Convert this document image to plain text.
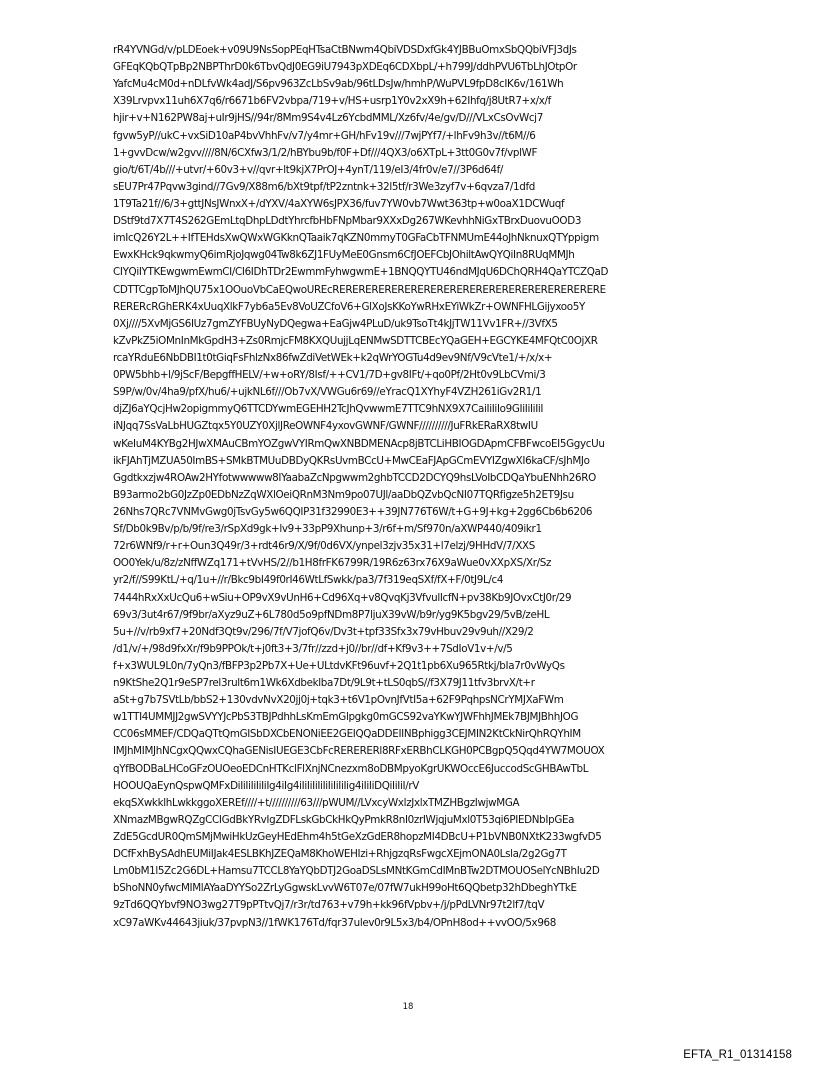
rR4YVNGd/v/pLDEoek+v09U9NsSopPEqHTsaCtBNwm4QbiVDSDxfGk4YJBBuOmxSbQQbiVFJ3dJs
GFEqKQbQTpBp2NBPThrD0k6TbvQdJ0EG9iU7943pXDEq6CDXbpL/+h799J/ddhPVU6TbLhJOtpOr
YafcMu4cM0d+nDLfvWk4adJ/S6pv963ZcLbSv9ab/96tLDsJw/hmhP/WuPVL9fpD8cIK6v/161Wh
X39Lrvpvx11uh6X7q6/r6671b6FV2vbpa/719+v/HS+usrp1Y0v2xX9h+62Ihfq/j8UtR7+x/x/f
hjir+v+N162PW8aj+uIr9jHS//94r/8Mm9S4v4Lz6YcbdMML/Xz6fv/4e/gv/D///VLxCsOvWcj7
fgvw5yP//ukC+vxSiD10aP4bvVhhFv/v7/y4mr+GH/hFv19v///7wjPYf7/+lhFv9h3v//t6M//6
1+gvvDcw/w2gvv////8N/6CXfw3/1/2/hBYbu9b/f0F+Df///4QX3/o6XTpL+3tt0G0v7f/vplWF
gio/t/6T/4b///+utvr/+60v3+v//qvr+lt9kjX7PrOJ+4ynT/119/eI3/4fr0v/e7//3P6d64f/
sEU7Pr47Pqvw3gind//7Gv9/X88m6/bXt9tpf/tP2zntnk+32l5tf/r3We3zyf7v+6qvza7/1dfd
1T9Ta21f//6/3+gttJNsJWnxX+/dYXV/4aXYW6sJPX36/fuv7YW0vb7Wwt363tp+w0oaX1DCWuqf
DStf9td7X7T4S262GEmLtqDhpLDdtYhrcfbHbFNpMbar9XXxDg267WKevhhNiGxTBrxDuovuOOD3
imIcQ26Y2L++IfTEHdsXwQWxWGKknQTaaik7qKZN0mmyT0GFaCbTFNMUmE44oJhNknuxQTYppigm
EwxKHck9qkwmyQ6imRjoJqwg04Tw8k6ZJ1FUyMeE0Gnsm6CfJOEFCbJOhiltAwQYQiIn8RUqMMJh
CIYQiIYTKEwgwmEwmCI/CI6IDhTDr2EwmmFyhwgwmE+1BNQQYTU46ndMJqU6DChQRH4QaYTCZQaD
CDTTCgpToMJhQU75x1OOuoVbCaEQwoUREcRERERERERERERERERERERERERERERERERERERERERE
RERERcRGhERK4xUuqXlkF7yb6a5Ev8VoUZCfoV6+GlXoJsKKoYwRHxEYiWkZr+OWNFHLGijyxoo5Y
0Xj////5XvMjGS6IUz7gmZYFBUyNyDQegwa+EaGjw4PLuD/uk9TsoTt4kJjTW11Vv1FR+//3VfX5
kZvPkZ5iOMnInMkGpdH3+Zs0RmjcFM8KXQUujjLqENMwSDTTCBEcYQaGEH+EGCYKE4MFQtC0OjXR
rcaYRduE6NbDBI1t0tGiqFsFhlzNx86fwZdiVetWEk+k2qWrYOGTu4d9ev9Nf/V9cVte1/+/x/x+
0PW5bhb+l/9jScF/BepgffHELV/+w+oRY/8Isf/++CV1/7D+gv8IFt/+qo0Pf/2Ht0v9LbCVmi/3
S9P/w/0v/4ha9/pfX/hu6/+ujkNL6f///Ob7vX/VWGu6r69//eYracQ1XYhyF4VZH261iGv2R1/1
djZJ6aYQcjHw2opigmmyQ6TTCDYwmEGEHH2TcJhQvwwmE7TTC9hNX9X7CaiIiIiIo9GIiIiIiIiI
iNJqq7SsVaLbHUGZtqx5Y0UZY0XjlJReOWNF4yxovGWNF/GWNF//////////JuFRkERaRX8twIU
wKeIuM4KYBg2HJwXMAuCBmYOZgwVYIRmQwXNBDMENAcp8jBTCLiHBIOGDApmCFBFwcoEI5GgycUu
ikFJAhTjMZUA50ImBS+SMkBTMUuDBDyQKRsUvmBCcU+MwCEaFJApGCmEVYIZgwXI6kaCF/sJhMJo
Ggdtkxzjw4ROAw2HYfotwwwww8IYaabaZcNpgwwm2ghbTCCD2DCYQ9hsLVoIbCDQaYbuENhh26RO
B93armo2bG0JzZp0EDbNzZqWXlOeiQRnM3Nm9po07UJl/aaDbQZvbQcNI07TQRfigze5h2ET9Jsu
26Nhs7QRc7VNMvGwg0jTsvGy5w6QQIP31f32990E3++39JN776T6W/t+G+9J+kg+2gg6Cb6b6206
Sf/Db0k9Bv/p/b/9f/re3/rSpXd9gk+lv9+33pP9Xhunp+3/r6f+m/Sf970n/aXWP440/409ikr1
72r6WNf9/r+r+Oun3Q49r/3+rdt46r9/X/9f/0d6VX/ynpel3zjv35x31+l7elzj/9HHdV/7/XXS
OO0Yek/u/8z/zNffWZq171+tVvHS/2//b1H8frFK6799R/19R6z63rx76X9aWue0vXXpXS/Xr/Sz
yr2/f//S99KtL/+q/1u+//r/Bkc9bI49f0rI46WtLfSwkk/pa3/7f319eqSXf/fX+F/0tJ9L/c4
7444hRxXxUcQu6+wSiu+OP9vX9vUnH6+Cd96Xq+v8QvqKj3VfvulIcfN+pv38Kb9JOvxCtJ0r/29
69v3/3ut4r67/9f9br/aXyz9uZ+6L780d5o9pfNDm8P7ljuX39vW/b9r/yg9K5bgv29/5vB/zeHL
5u+//v/rb9xf7+20Ndf3Qt9v/296/7f/V7jofQ6v/Dv3t+tpf33Sfx3x79vHbuv29v9uh//X29/2
/d1/v/+/98d9fxXr/f9b9PPOk/t+j0ft3+3/7fr//zzd+j0//br//df+Kf9v3++7SdIoV1v+/v/5
f+x3WUL9L0n/7yQn3/fBFP3p2Pb7X+Ue+ULtdvKFt96uvf+2Q1t1pb6Xu965Rtkj/bIa7r0vWyQs
n9KtShe2Q1r9eSP7rel3rult6m1Wk6Xdbeklba7Dt/9L9t+tLS0qbS//f3X79J11tfv3brvX/t+r
aSt+g7b7SVtLb/bbS2+130vdvNvX20jj0j+tqk3+t6V1pOvnJfVtI5a+62F9PqhpsNCrYMJXaFWm
w1TTI4UMMJJ2gwSVYYJcPbS3TBJPdhhLsKmEmGlpgkg0mGCS92vaYKwYJWFhhJMEk7BJMJBhhJOG
CC06sMMEF/CDQaQTtQmGISbDXCbENONiEE2GEIQQaDDEIINBphigg3CEJMIN2KtCkNirQhRQYhIM
IMJhMIMJhNCgxQQwxCQhaGENisIUEGE3CbFcRERERERl8RFxERBhCLKGH0PCBgpQ5Qqd4YW7MOUOX
qYfBODBaLHCoGFzOUOeoEDCnHTKclFlXnjNCnezxm8oDBMpyoKgrUKWOccE6JuccodScGHBAwTbL
HOOUQaEynQspwQMFxDiIiIiIiIiIiIg4iIg4iIiIiIiIiIiIiIiIiIig4iIiIiDQiIiIiI/rV
ekqSXwkklhLwkkggoXEREf////+t//////////63///pWUM//LVxcyWxlzJxlxTMZHBgzIwjwMGA
XNmazMBgwRQZgCCIGdBkYRvIgZDFLskGbCkHkQyPmkR8nI0zrIWjqjuMxl0T53qi6PIEDNbIpGEa
ZdE5GcdUR0QmSMjMwiHkUzGeyHEdEhm4h5tGeXzGdER8hopzMI4DBcU+P1bVNB0NXtK233wgfvD5
DCfFxhBySAdhEUMiIJak4ESLBKhJZEQaM8KhoWEHIzi+RhjgzqRsFwgcXEjmONA0Lsla/2g2Gg7T
Lm0bM1l5Zc2G6DL+Hamsu7TCCL8YaYQbDTJ2GoaDSLsMNtKGmCdIMnBTw2DTMOUOSelYcNBhIu2D
bShoNN0yfwcMIMlAYaaDYYSo2ZrLyGgwskLvvW6T07e/07fW7ukH99oHt6QQbetp32hDbeghYTkE
9zTd6QQYbvf9NO3wg27T9pPTtvQj7/r3r/td763+v79h+kk96fVpbv+/j/pPdLVNr97t2lf7/tqV
xC97aWKv44643jiuk/37pvpN3//1fWK176Td/fqr37ulev0r9L5x3/b4/OPnH8od++vvOO/5x968
18
EFTA_R1_01314158
